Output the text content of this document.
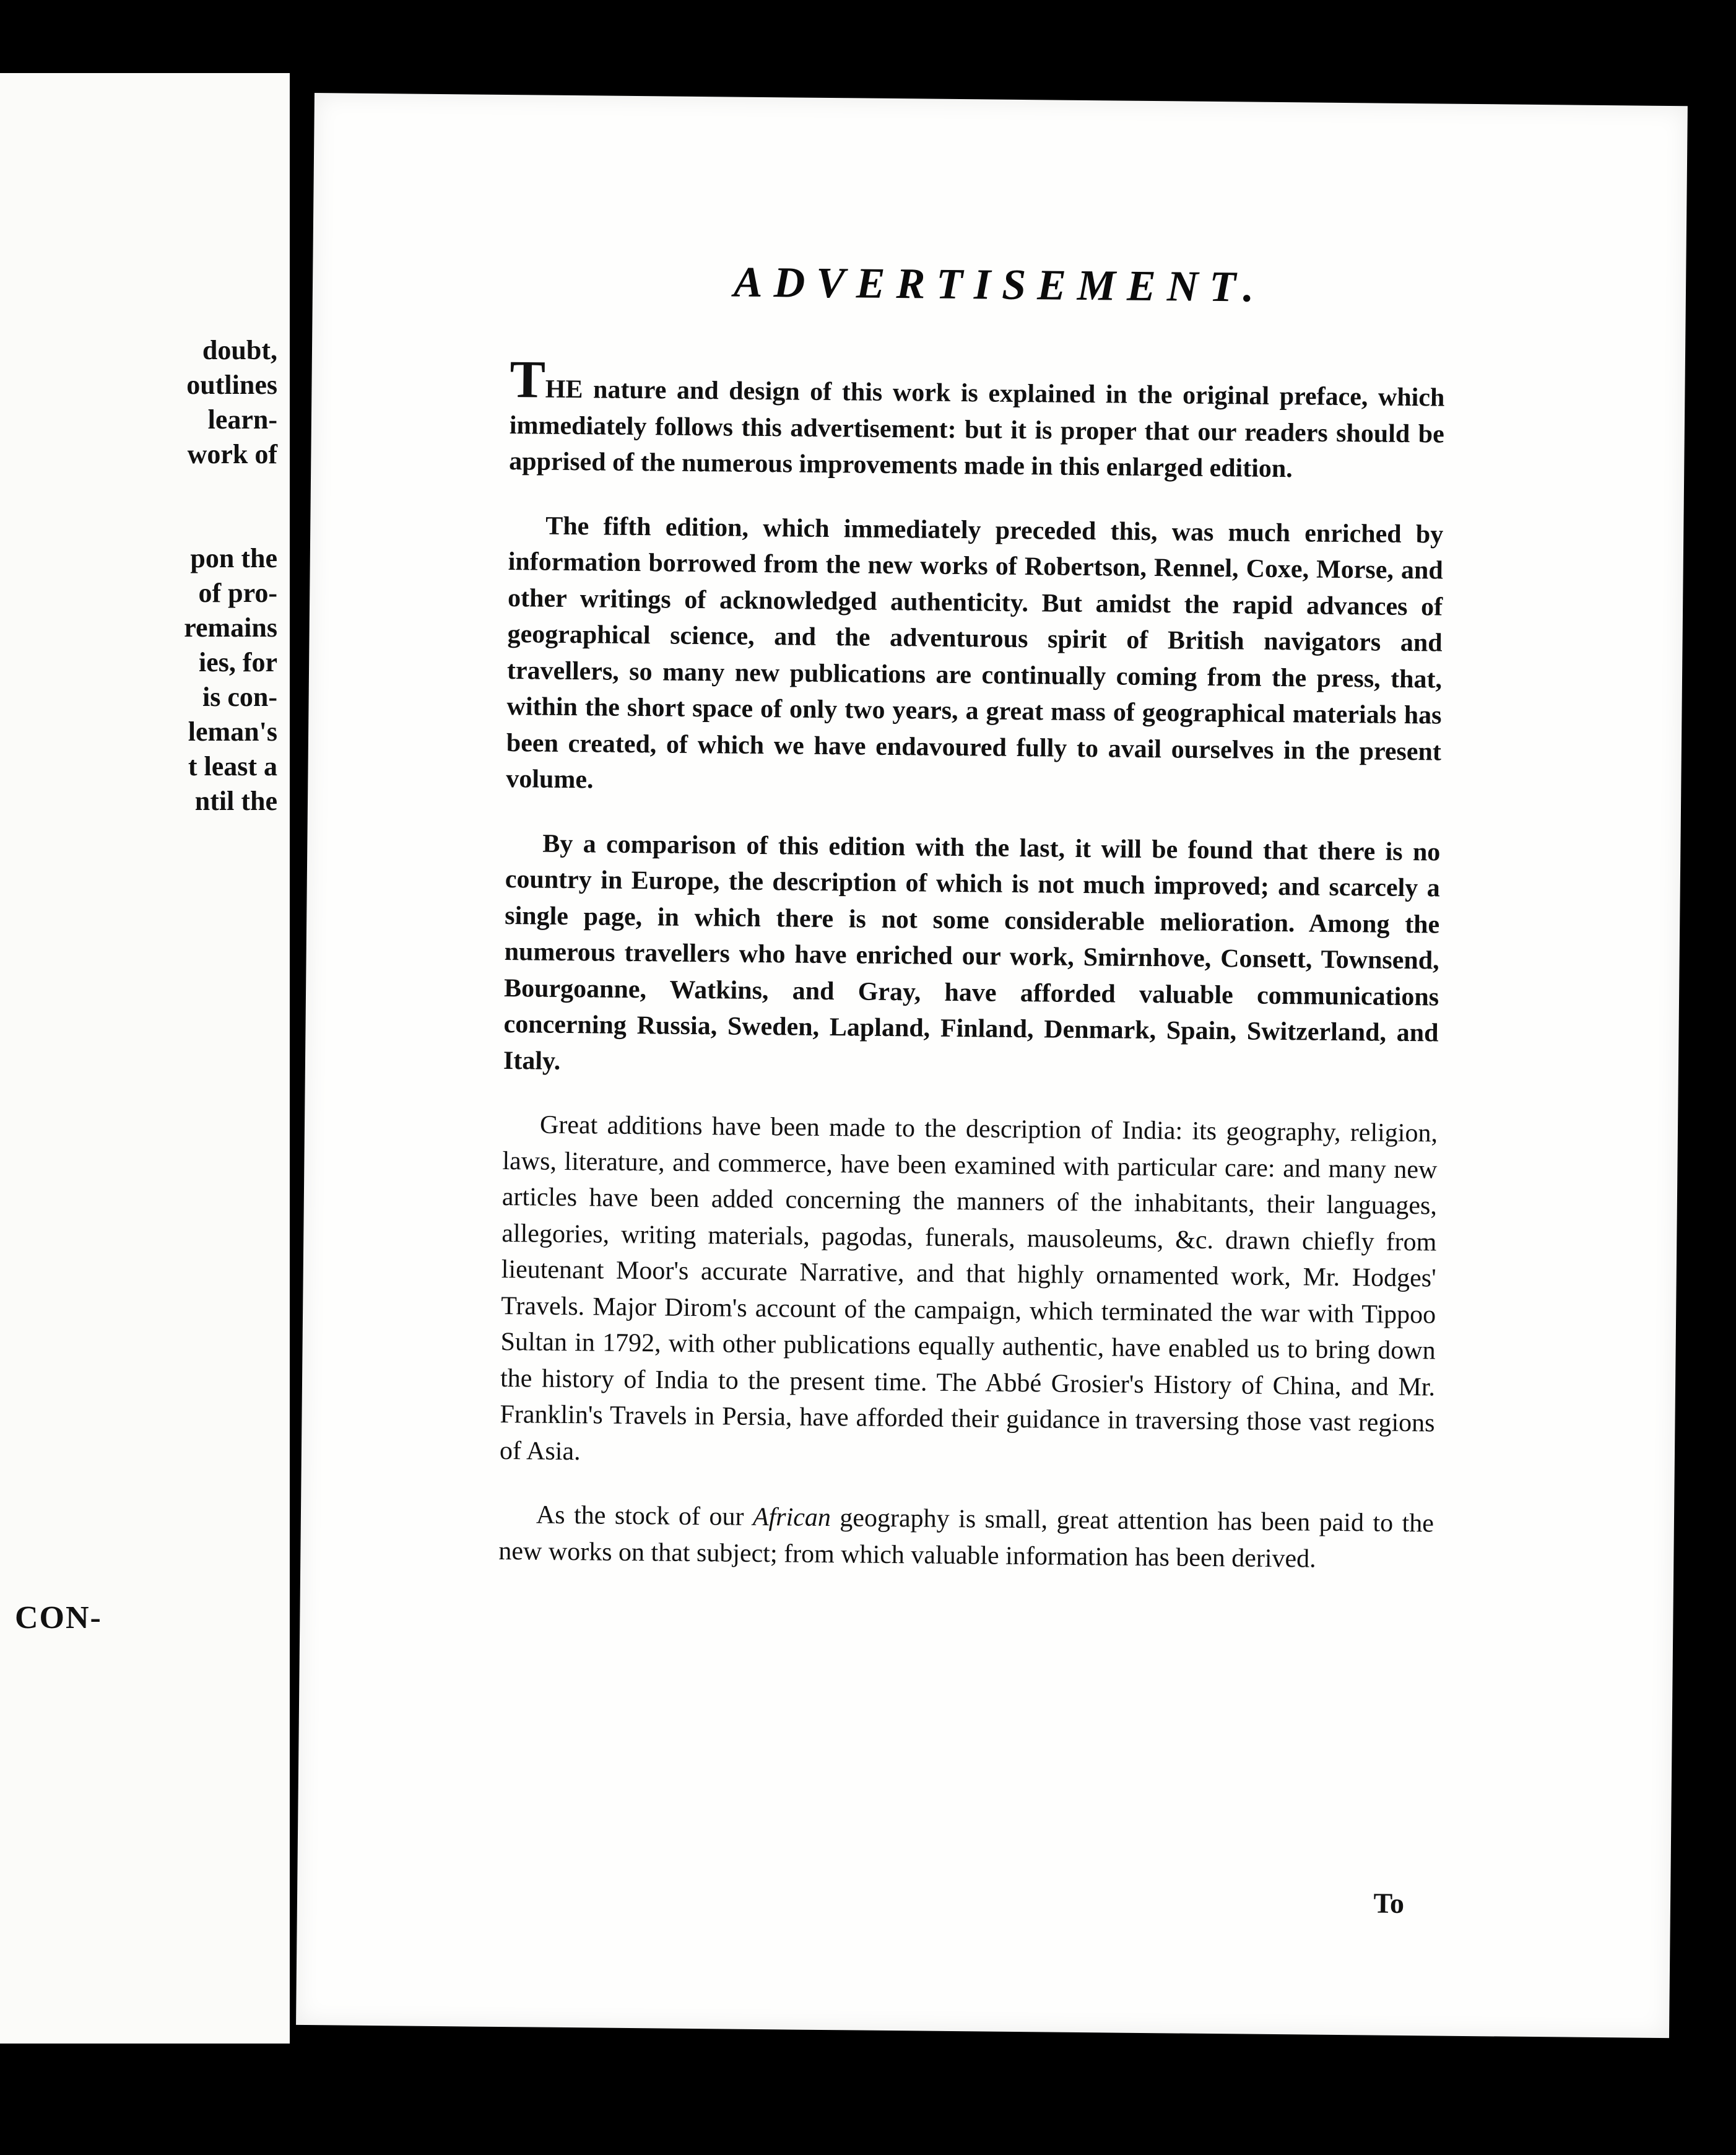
doubt,
outlines
learn-
work of
pon the
of pro-
remains
ies, for
is con-
leman's
t least a
ntil the
CON-
ADVERTISEMENT.

THE nature and design of this work is explained in the original preface, which immediately follows this advertisement: but it is proper that our readers should be apprised of the numerous improvements made in this enlarged edition.

The fifth edition, which immediately preceded this, was much enriched by information borrowed from the new works of Robertson, Rennel, Coxe, Morse, and other writings of acknowledged authenticity. But amidst the rapid advances of geographical science, and the adventurous spirit of British navigators and travellers, so many new publications are continually coming from the press, that, within the short space of only two years, a great mass of geographical materials has been created, of which we have endavoured fully to avail ourselves in the present volume.

By a comparison of this edition with the last, it will be found that there is no country in Europe, the description of which is not much improved; and scarcely a single page, in which there is not some considerable melioration. Among the numerous travellers who have enriched our work, Smirnhove, Consett, Townsend, Bourgoanne, Watkins, and Gray, have afforded valuable communications concerning Russia, Sweden, Lapland, Finland, Denmark, Spain, Switzerland, and Italy.

Great additions have been made to the description of India: its geography, religion, laws, literature, and commerce, have been examined with particular care: and many new articles have been added concerning the manners of the inhabitants, their languages, allegories, writing materials, pagodas, funerals, mausoleums, &c. drawn chiefly from lieutenant Moor's accurate Narrative, and that highly ornamented work, Mr. Hodges' Travels. Major Dirom's account of the campaign, which terminated the war with Tippoo Sultan in 1792, with other publications equally authentic, have enabled us to bring down the history of India to the present time. The Abbé Grosier's History of China, and Mr. Franklin's Travels in Persia, have afforded their guidance in traversing those vast regions of Asia.

As the stock of our African geography is small, great attention has been paid to the new works on that subject; from which valuable information has been derived.

To
